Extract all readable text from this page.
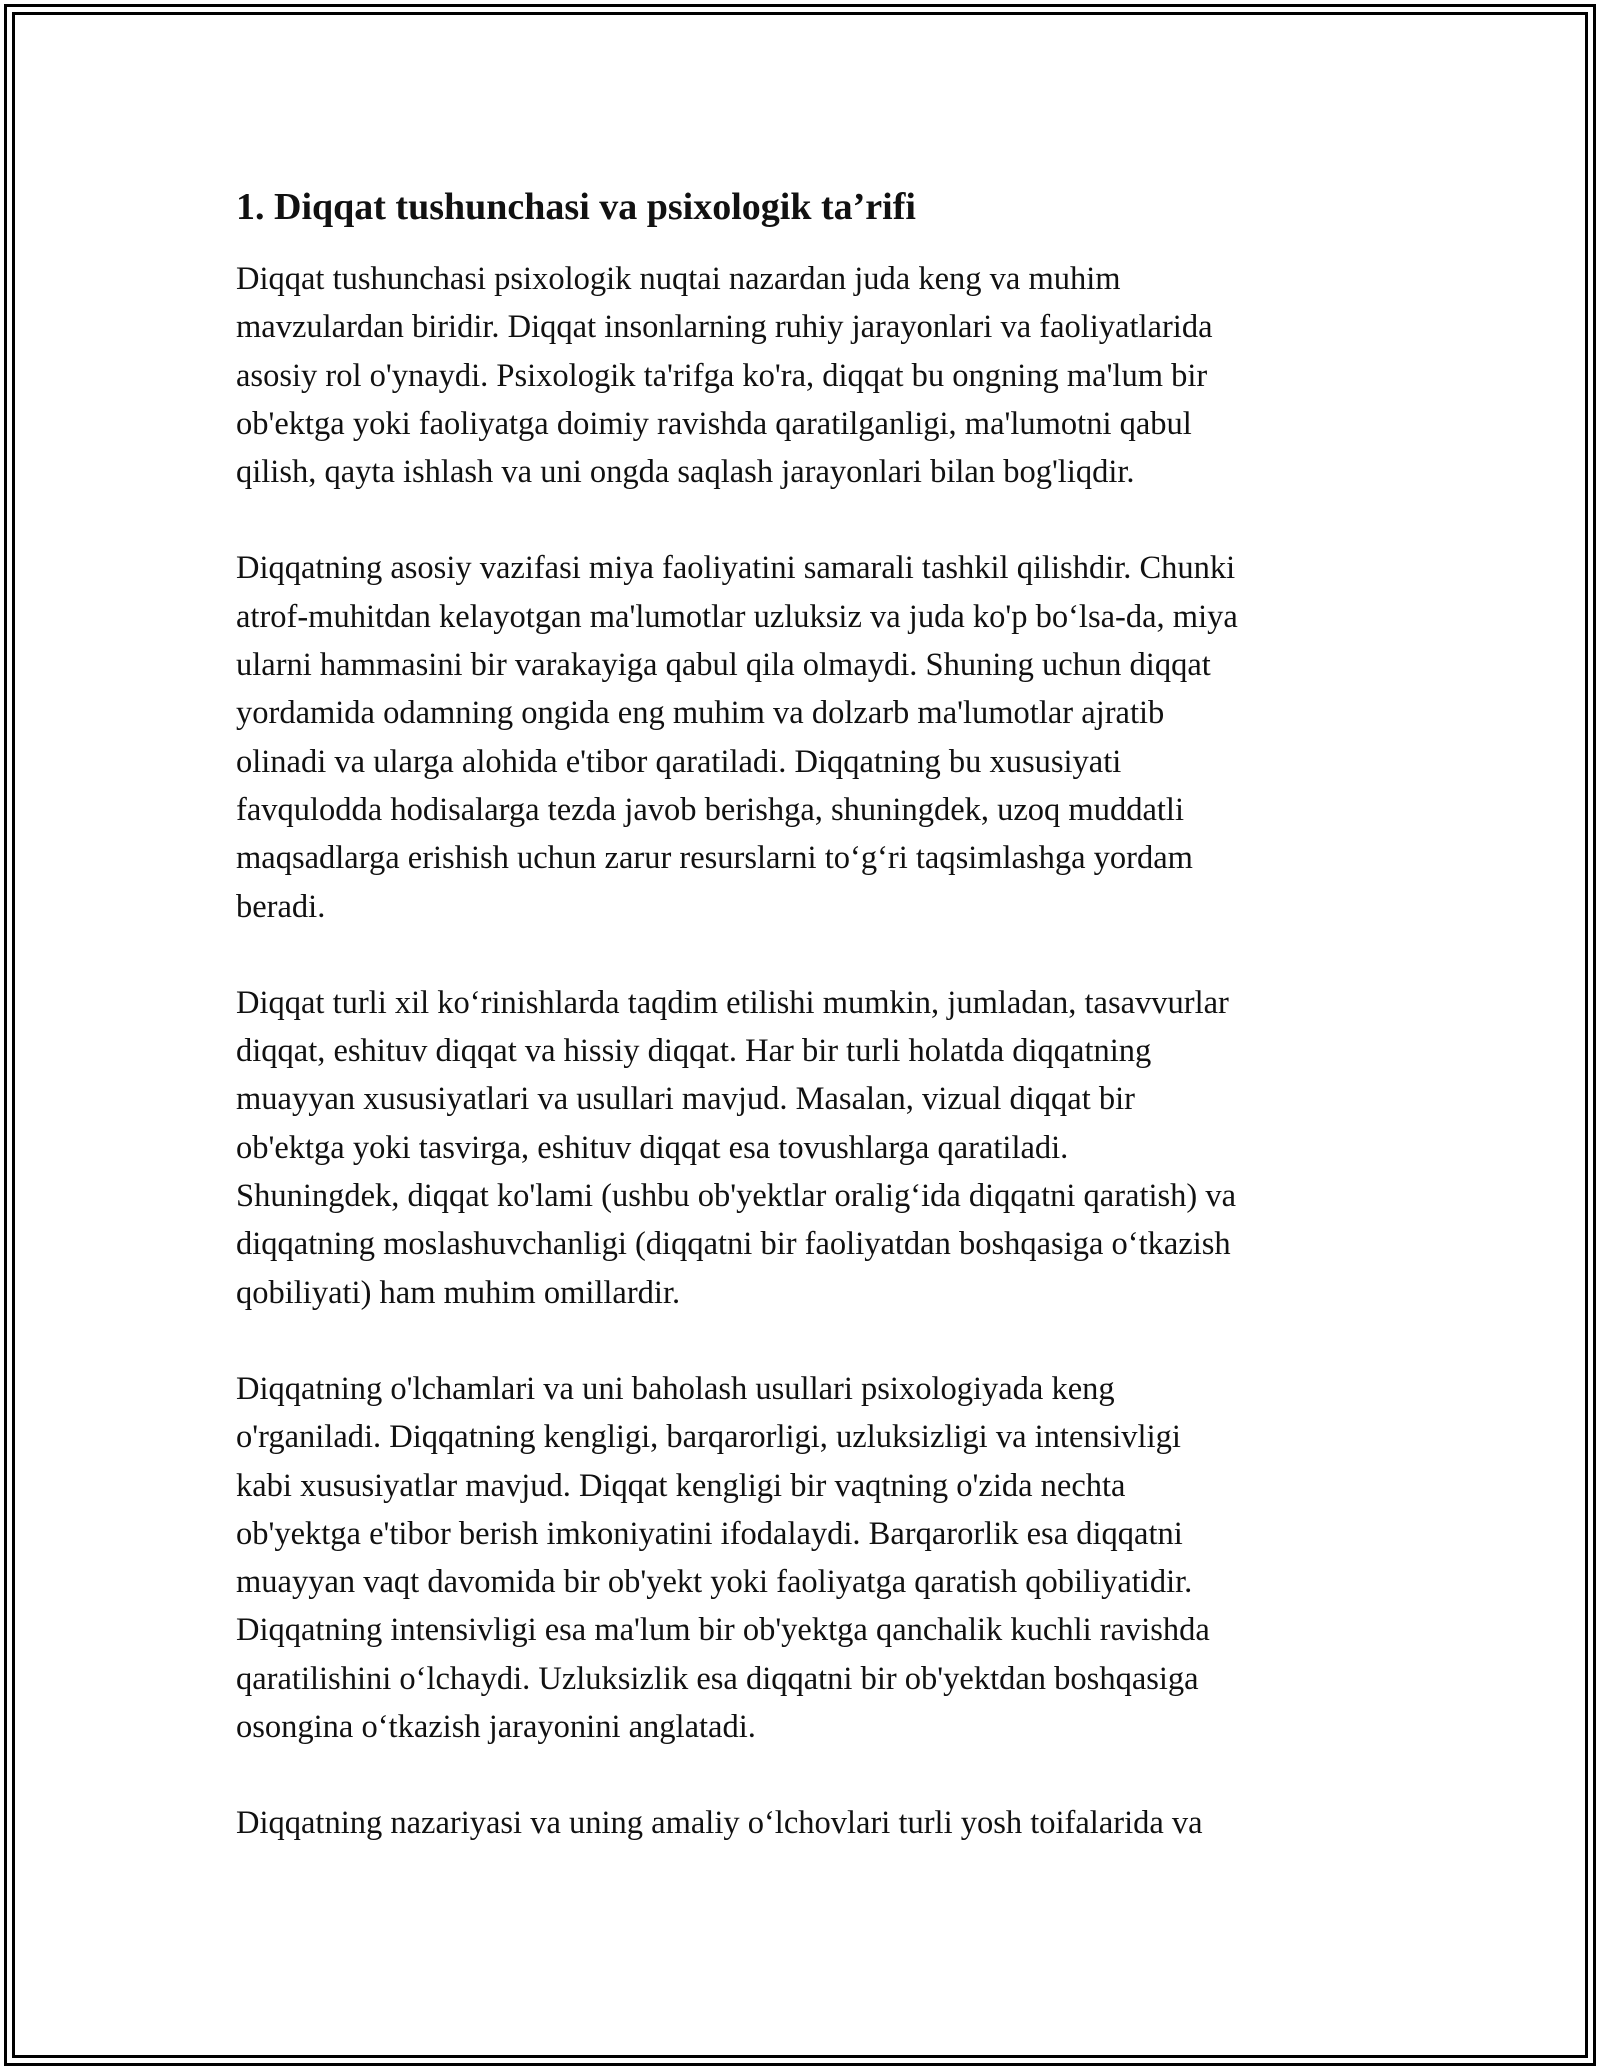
1. Diqqat tushunchasi va psixologik ta’rifi

Diqqat tushunchasi psixologik nuqtai nazardan juda keng va muhim
mavzulardan biridir. Diqqat insonlarning ruhiy jarayonlari va faoliyatlarida
asosiy rol o'ynaydi. Psixologik ta'rifga ko'ra, diqqat bu ongning ma'lum bir
ob'ektga yoki faoliyatga doimiy ravishda qaratilganligi, ma'lumotni qabul
qilish, qayta ishlash va uni ongda saqlash jarayonlari bilan bog'liqdir.

Diqqatning asosiy vazifasi miya faoliyatini samarali tashkil qilishdir. Chunki
atrof-muhitdan kelayotgan ma'lumotlar uzluksiz va juda ko'p bo‘lsa-da, miya
ularni hammasini bir varakayiga qabul qila olmaydi. Shuning uchun diqqat
yordamida odamning ongida eng muhim va dolzarb ma'lumotlar ajratib
olinadi va ularga alohida e'tibor qaratiladi. Diqqatning bu xususiyati
favqulodda hodisalarga tezda javob berishga, shuningdek, uzoq muddatli
maqsadlarga erishish uchun zarur resurslarni to‘g‘ri taqsimlashga yordam
beradi.

Diqqat turli xil ko‘rinishlarda taqdim etilishi mumkin, jumladan, tasavvurlar
diqqat, eshituv diqqat va hissiy diqqat. Har bir turli holatda diqqatning
muayyan xususiyatlari va usullari mavjud. Masalan, vizual diqqat bir
ob'ektga yoki tasvirga, eshituv diqqat esa tovushlarga qaratiladi.
Shuningdek, diqqat ko'lami (ushbu ob'yektlar oralig‘ida diqqatni qaratish) va
diqqatning moslashuvchanligi (diqqatni bir faoliyatdan boshqasiga o‘tkazish
qobiliyati) ham muhim omillardir.

Diqqatning o'lchamlari va uni baholash usullari psixologiyada keng
o'rganiladi. Diqqatning kengligi, barqarorligi, uzluksizligi va intensivligi
kabi xususiyatlar mavjud. Diqqat kengligi bir vaqtning o'zida nechta
ob'yektga e'tibor berish imkoniyatini ifodalaydi. Barqarorlik esa diqqatni
muayyan vaqt davomida bir ob'yekt yoki faoliyatga qaratish qobiliyatidir.
Diqqatning intensivligi esa ma'lum bir ob'yektga qanchalik kuchli ravishda
qaratilishini o‘lchaydi. Uzluksizlik esa diqqatni bir ob'yektdan boshqasiga
osongina o‘tkazish jarayonini anglatadi.

Diqqatning nazariyasi va uning amaliy o‘lchovlari turli yosh toifalarida va
